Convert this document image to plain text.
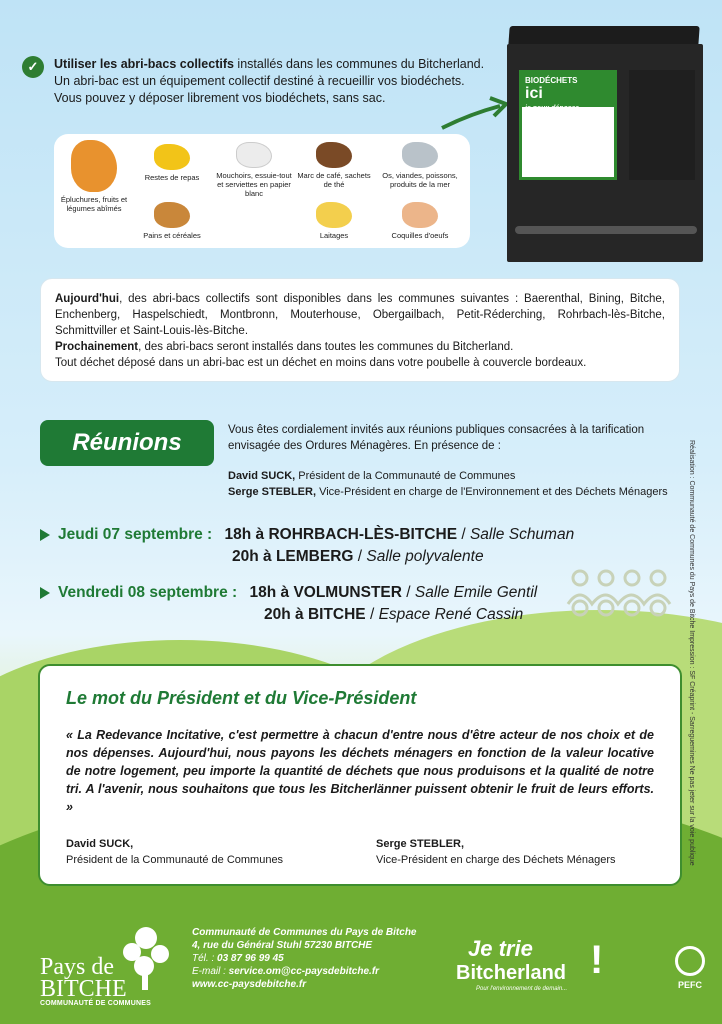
✓	Utiliser les abri-bacs collectifs installés dans les communes du Bitcherland.

Un abri-bac est un équipement collectif destiné à recueillir vos biodéchets.

Vous pouvez y déposer librement vos biodéchets, sans sac.

Épluchures, fruits et légumes abîmés
Restes de repas	Mouchoirs, essuie-tout et serviettes en papier blanc
Marc de café, sachets de thé
Os, viandes, poissons, produits de la mer
Pains et céréales	Laitages	Coquilles d'oeufs
BIODÉCHETS
ici
je peux déposer
Aujourd'hui, des abri-bacs collectifs sont disponibles dans les communes suivantes : Baerenthal, Bining, Bitche, Enchenberg, Haspelschiedt, Montbronn, Mouterhouse, Obergailbach, Petit-Réderching, Rohrbach-lès-Bitche, Schmittviller et Saint-Louis-lès-Bitche.
Prochainement, des abri-bacs seront installés dans toutes les communes du Bitcherland.
Tout déchet déposé dans un abri-bac est un déchet en moins dans votre poubelle à couvercle bordeaux.
Réunions	Vous êtes cordialement invités aux réunions publiques consacrées à la tarification envisagée des Ordures Ménagères. En présence de :
David SUCK, Président de la Communauté de Communes
Serge STEBLER, Vice-Président en charge de l'Environnement et des Déchets Ménagers
Jeudi 07 septembre : 18h à ROHRBACH-LÈS-BITCHE / Salle Schuman
20h à LEMBERG / Salle polyvalente
Vendredi 08 septembre : 18h à VOLMUNSTER / Salle Emile Gentil
20h à BITCHE / Espace René Cassin	Réalisation : Communauté de Communes du Pays de Bitche Impression : SF Créaprint - Sarreguemines Ne pas jeter sur la voie publique
Le mot du Président et du Vice-Président
« La Redevance Incitative, c'est permettre à chacun d'entre nous d'être acteur de nos choix et de nos dépenses. Aujourd'hui, nous payons les déchets ménagers en fonction de la valeur locative de notre logement, peu importe la quantité de déchets que nous produisons et la qualité de notre tri. A l'avenir, nous souhaitons que tous les Bitcherlänner puissent obtenir le fruit de leurs efforts. »
David SUCK,
Président de la Communauté de Communes
Serge STEBLER,
Vice-Président en charge des Déchets Ménagers
Pays de
BITCHE
COMMUNAUTÉ DE COMMUNES
Communauté de Communes du Pays de Bitche
4, rue du Général Stuhl 57230 BITCHE
Tél. : 03 87 96 99 45
E-mail : service.om@cc-paysdebitche.fr
www.cc-paysdebitche.fr
Je trie
Bitcherland !
Pour l'environnement de demain...	PEFC
